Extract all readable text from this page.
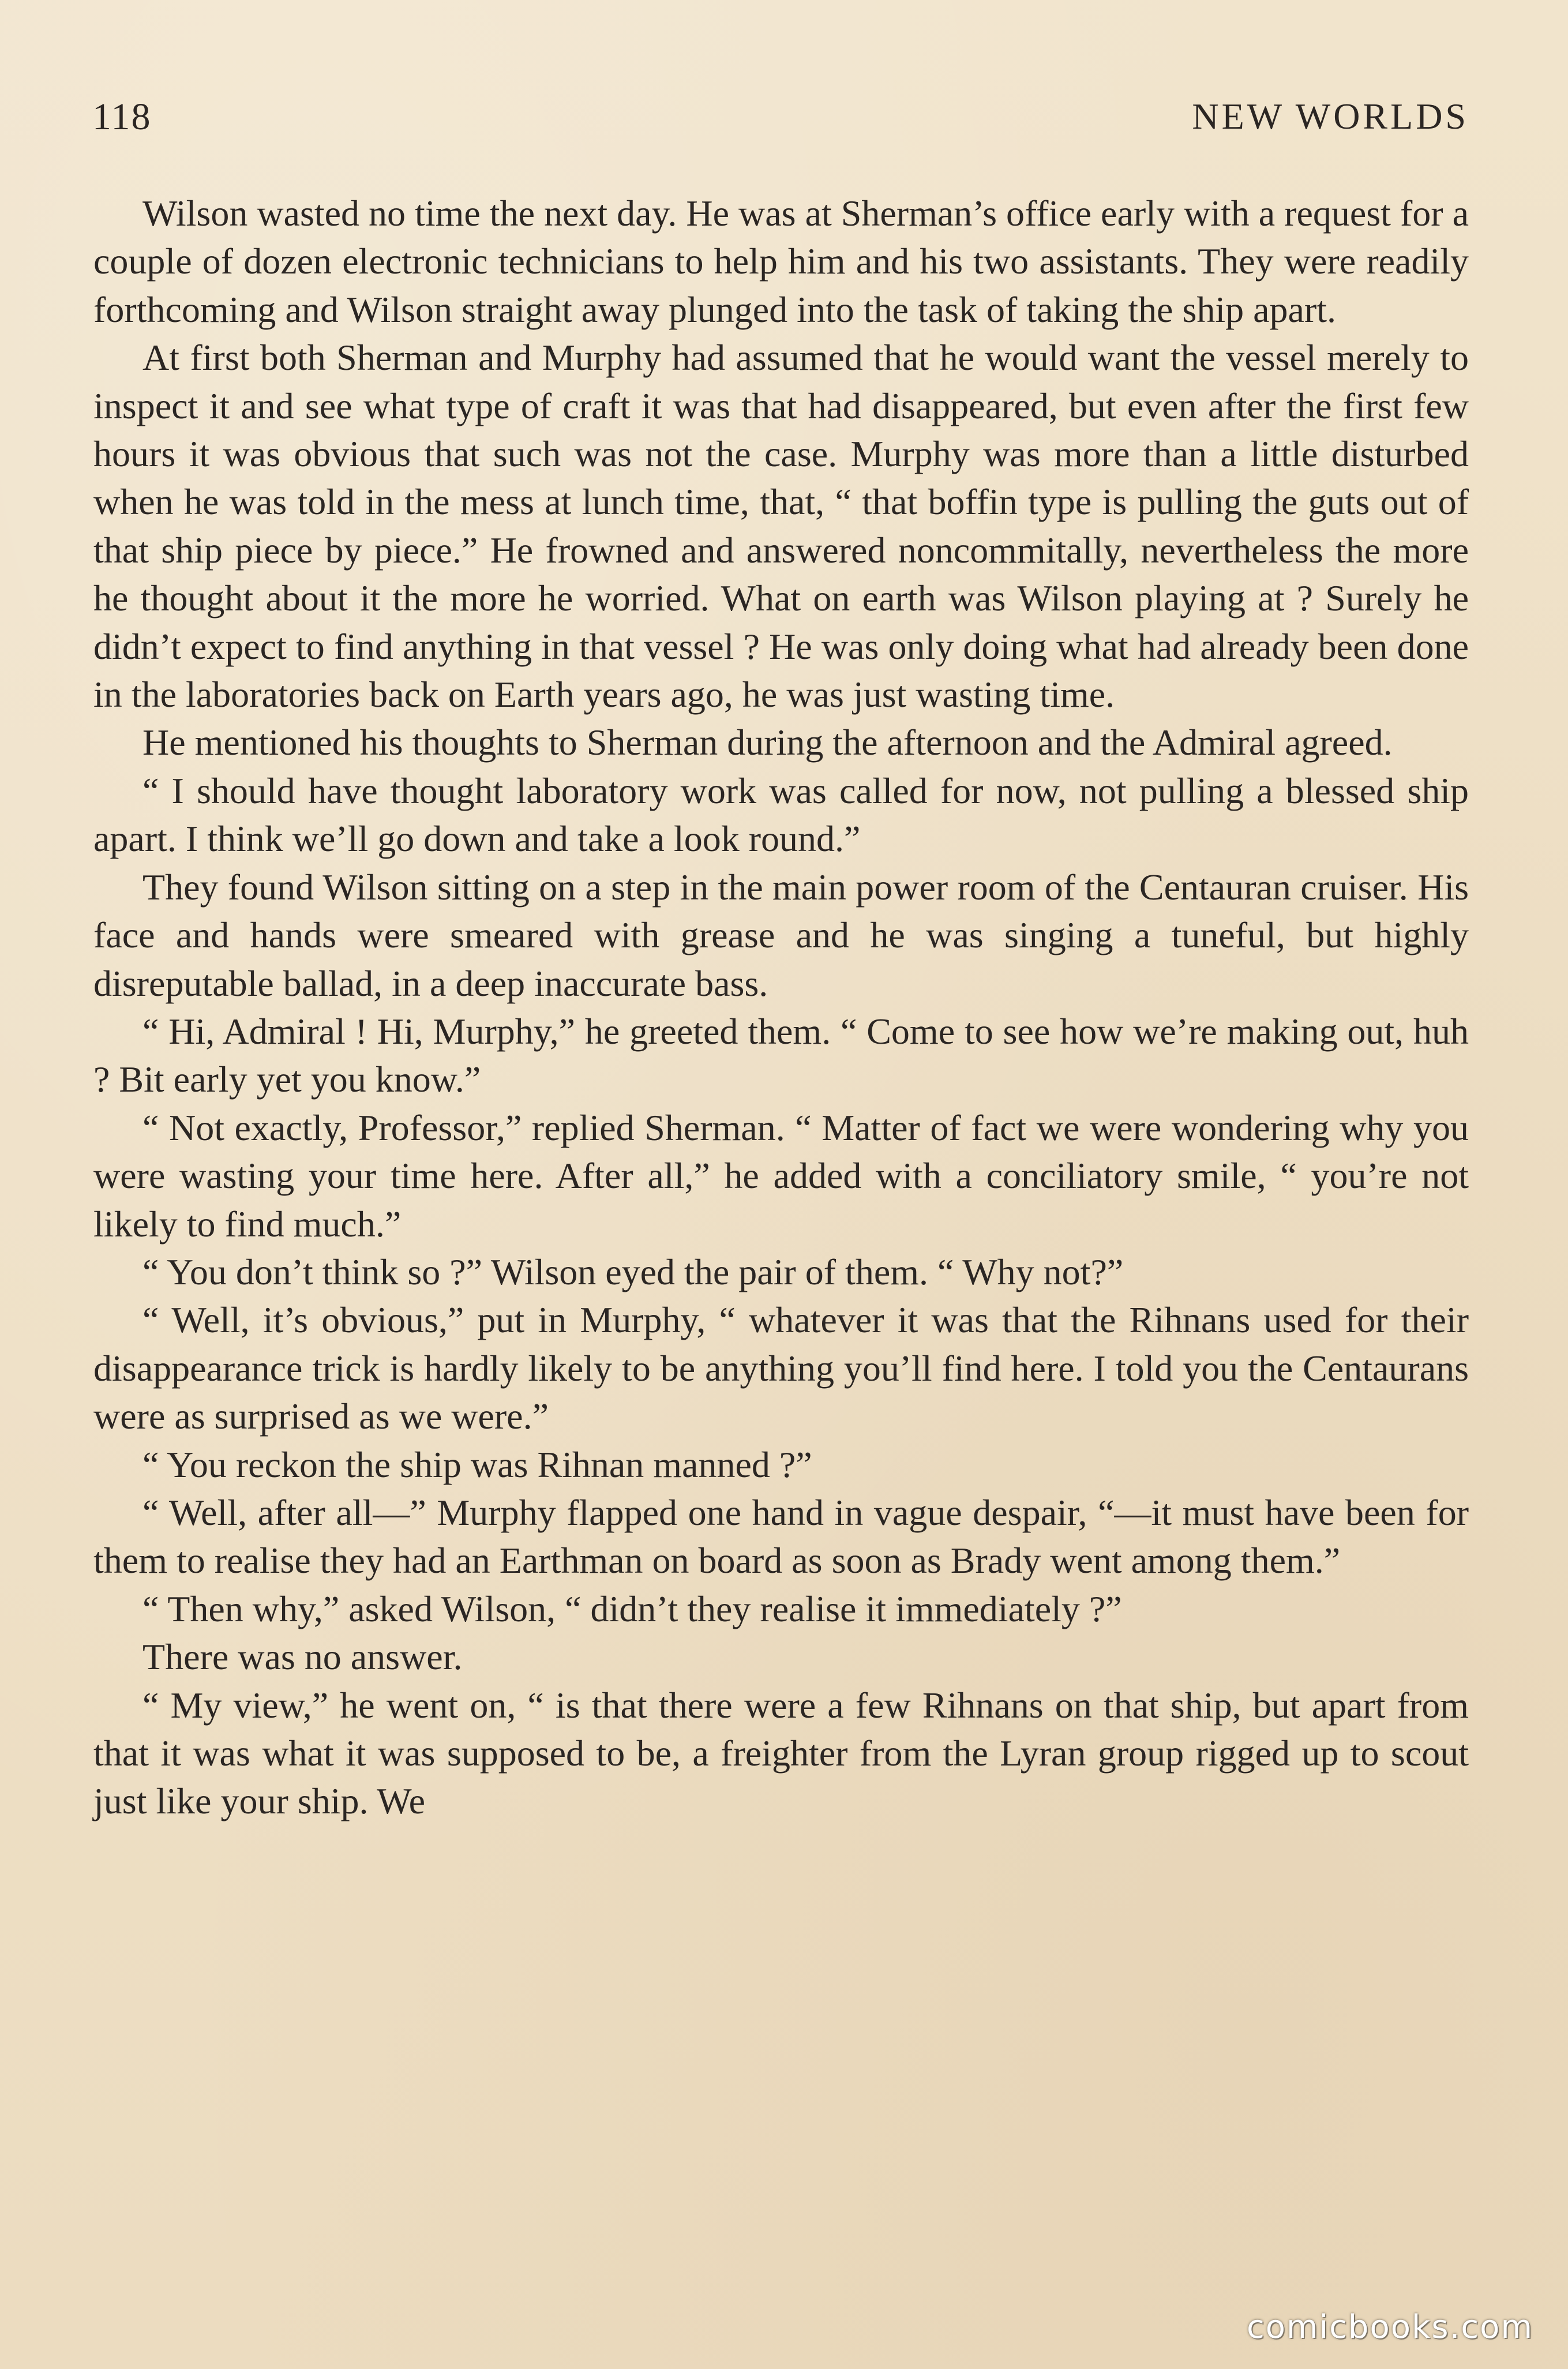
118	NEW WORLDS

Wilson wasted no time the next day. He was at Sherman’s office early with a request for a couple of dozen electronic technicians to help him and his two assistants. They were readily forthcoming and Wilson straight away plunged into the task of taking the ship apart.

At first both Sherman and Murphy had assumed that he would want the vessel merely to inspect it and see what type of craft it was that had disappeared, but even after the first few hours it was obvious that such was not the case. Murphy was more than a little disturbed when he was told in the mess at lunch time, that, “ that boffin type is pulling the guts out of that ship piece by piece.” He frowned and answered noncommitally, nevertheless the more he thought about it the more he worried. What on earth was Wilson playing at ? Surely he didn’t expect to find anything in that vessel ? He was only doing what had already been done in the laboratories back on Earth years ago, he was just wasting time.

He mentioned his thoughts to Sherman during the afternoon and the Admiral agreed.

“ I should have thought laboratory work was called for now, not pulling a blessed ship apart. I think we’ll go down and take a look round.”

They found Wilson sitting on a step in the main power room of the Centauran cruiser. His face and hands were smeared with grease and he was singing a tuneful, but highly disreputable ballad, in a deep inaccurate bass.

“ Hi, Admiral ! Hi, Murphy,” he greeted them. “ Come to see how we’re making out, huh ? Bit early yet you know.”

“ Not exactly, Professor,” replied Sherman. “ Matter of fact we were wondering why you were wasting your time here. After all,” he added with a conciliatory smile, “ you’re not likely to find much.”

“ You don’t think so ?” Wilson eyed the pair of them. “ Why not?”

“ Well, it’s obvious,” put in Murphy, “ whatever it was that the Rihnans used for their disappearance trick is hardly likely to be anything you’ll find here. I told you the Centaurans were as surprised as we were.”

“ You reckon the ship was Rihnan manned ?”

“ Well, after all—” Murphy flapped one hand in vague despair, “—it must have been for them to realise they had an Earthman on board as soon as Brady went among them.”

“ Then why,” asked Wilson, “ didn’t they realise it immediately ?”

There was no answer.

“ My view,” he went on, “ is that there were a few Rihnans on that ship, but apart from that it was what it was supposed to be, a freighter from the Lyran group rigged up to scout just like your ship. We

comicbooks.com
